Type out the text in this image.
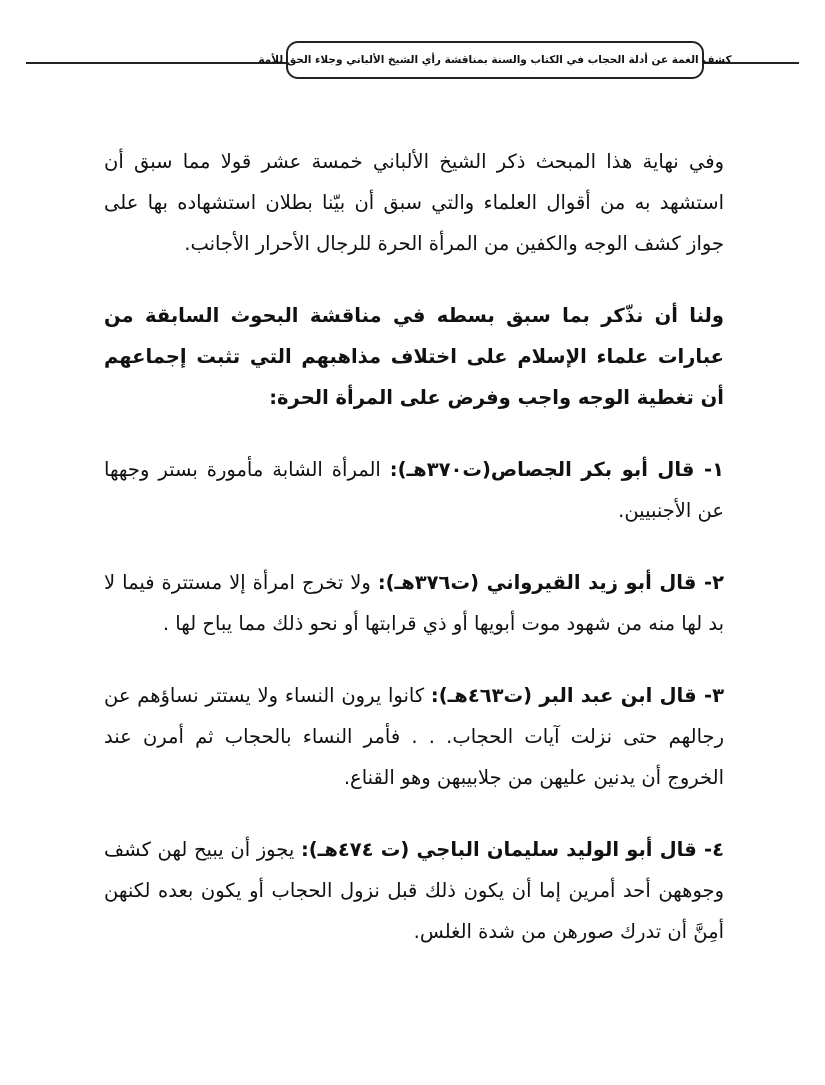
كشف الغمة عن أدلة الحجاب في الكتاب والسنة بمناقشة رأي الشيخ الألباني وجلاء الحق للأمة

وفي نهاية هذا المبحث ذكر الشيخ الألباني خمسة عشر قولا مما سبق أن استشهد به من أقوال العلماء والتي سبق أن بيّنا بطلان استشهاده بها على جواز كشف الوجه والكفين من المرأة الحرة للرجال الأحرار الأجانب.

ولنا أن نذّكر بما سبق بسطه في مناقشة البحوث السابقة من عبارات علماء الإسلام على اختلاف مذاهبهم التي تثبت إجماعهم أن تغطية الوجه واجب وفرض على المرأة الحرة:

١- قال أبو بكر الجصاص(ت٣٧٠هـ): المرأة الشابة مأمورة بستر وجهها عن الأجنبيين.

٢- قال أبو زيد القيرواني (ت٣٧٦هـ): ولا تخرج امرأة إلا مستترة فيما لا بد لها منه من شهود موت أبويها أو ذي قرابتها أو نحو ذلك مما يباح لها .

٣- قال ابن عبد البر (ت٤٦٣هـ): كانوا يرون النساء ولا يستتر نساؤهم عن رجالهم حتى نزلت آيات الحجاب. . . فأمر النساء بالحجاب ثم أمرن عند الخروج أن يدنين عليهن من جلابيبهن وهو القناع.

٤- قال أبو الوليد سليمان الباجي (ت ٤٧٤هـ): يجوز أن يبيح لهن كشف وجوههن أحد أمرين إما أن يكون ذلك قبل نزول الحجاب أو يكون بعده لكنهن أمِنَّ أن تدرك صورهن من شدة الغلس.
